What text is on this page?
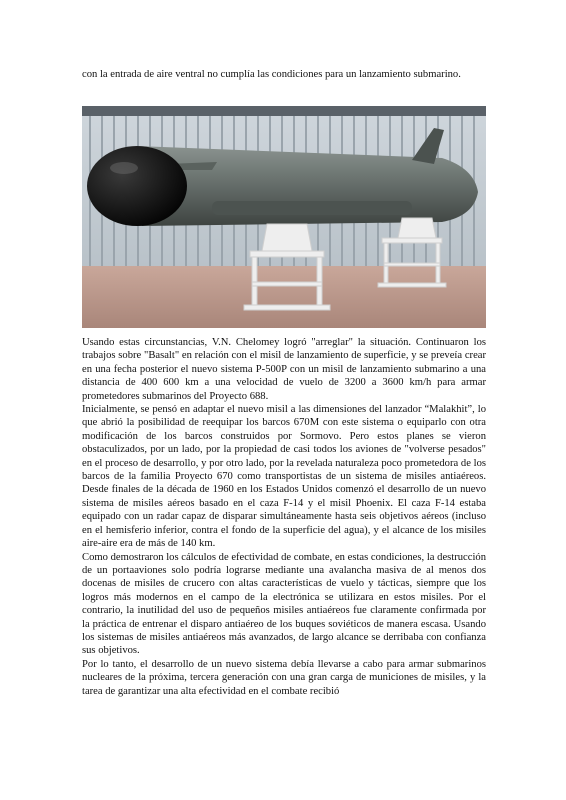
con la entrada de aire ventral no cumplía las condiciones para un lanzamiento submarino.

Usando estas circunstancias, V.N. Chelomey logró "arreglar" la situación. Continuaron los trabajos sobre "Basalt" en relación con el misil de lanzamiento de superficie, y se preveía crear en una fecha posterior el nuevo sistema P-500P con un misil de lanzamiento submarino a una distancia de 400 600 km a una velocidad de vuelo de 3200 a 3600 km/h para armar prometedores submarinos del Proyecto 688.

Inicialmente, se pensó en adaptar el nuevo misil a las dimensiones del lanzador “Malakhit”, lo que abrió la posibilidad de reequipar los barcos 670M con este sistema o equiparlo con otra modificación de los barcos construidos por Sormovo. Pero estos planes se vieron obstaculizados, por un lado, por la propiedad de casi todos los aviones de "volverse pesados" en el proceso de desarrollo, y por otro lado, por la revelada naturaleza poco prometedora de los barcos de la familia Proyecto 670 como transportistas de un sistema de misiles antiaéreos. Desde finales de la década de 1960 en los Estados Unidos comenzó el desarrollo de un nuevo sistema de misiles aéreos basado en el caza F-14 y el misil Phoenix. El caza F-14 estaba equipado con un radar capaz de disparar simultáneamente hasta seis objetivos aéreos (incluso en el hemisferio inferior, contra el fondo de la superficie del agua), y el alcance de los misiles aire-aire era de más de 140 km.

Como demostraron los cálculos de efectividad de combate, en estas condiciones, la destrucción de un portaaviones solo podría lograrse mediante una avalancha masiva de al menos dos docenas de misiles de crucero con altas características de vuelo y tácticas, siempre que los logros más modernos en el campo de la electrónica se utilizara en estos misiles. Por el contrario, la inutilidad del uso de pequeños misiles antiaéreos fue claramente confirmada por la práctica de entrenar el disparo antiaéreo de los buques soviéticos de manera escasa. Usando los sistemas de misiles antiaéreos más avanzados, de largo alcance se derribaba con confianza sus objetivos.

Por lo tanto, el desarrollo de un nuevo sistema debía llevarse a cabo para armar submarinos nucleares de la próxima, tercera generación con una gran carga de municiones de misiles, y la tarea de garantizar una alta efectividad en el combate recibió
